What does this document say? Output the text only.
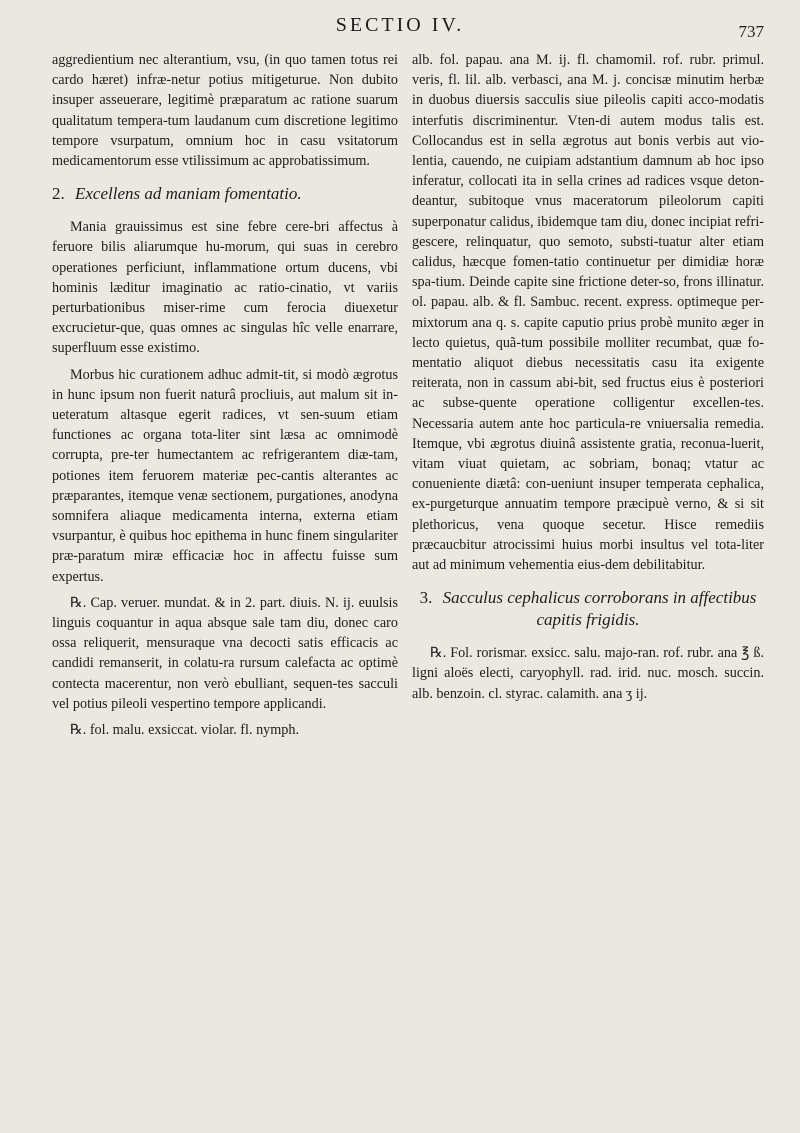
SECTIO IV.	737

aggredientium nec alterantium, vsu, (in quo tamen totus rei cardo hæret) infræ-netur potius mitigeturue. Non dubito insuper asseuerare, legitimè præparatum ac ratione suarum qualitatum tempera-tum laudanum cum discretione legitimo tempore vsurpatum, omnium hoc in casu vsitatorum medicamentorum esse vtilissimum ac approbatissimum.

2. Excellens ad maniam fomentatio.

Mania grauissimus est sine febre cere-bri affectus à feruore bilis aliarumque hu-morum, qui suas in cerebro operationes perficiunt, inflammatione ortum ducens, vbi hominis læditur imaginatio ac ratio-cinatio, vt variis perturbationibus miser-rime cum ferocia diuexetur excrucietur-que, quas omnes ac singulas hîc velle enarrare, superfluum esse existimo.

Morbus hic curationem adhuc admit-tit, si modò ægrotus in hunc ipsum non fuerit naturâ procliuis, aut malum sit in-ueteratum altasque egerit radices, vt sen-suum etiam functiones ac organa tota-liter sint læsa ac omnimodè corrupta, pre-ter humectantem ac refrigerantem diæ-tam, potiones item feruorem materiæ pec-cantis alterantes ac præparantes, itemque venæ sectionem, purgationes, anodyna somnifera aliaque medicamenta interna, externa etiam vsurpantur, è quibus hoc epithema in hunc finem singulariter præ-paratum miræ efficaciæ hoc in affectu fuisse sum expertus.

℞. Cap. veruer. mundat. & in 2. part. diuis. N. ij. euulsis linguis coquantur in aqua absque sale tam diu, donec caro ossa reliquerit, mensuraque vna decocti satis efficacis ac candidi remanserit, in colatu-ra rursum calefacta ac optimè contecta macerentur, non verò ebulliant, sequen-tes sacculi vel potius pileoli vespertino tempore applicandi.

℞. fol. malu. exsiccat. violar. fl. nymph.

alb. fol. papau. ana M. ij. fl. chamomil. rof. rubr. primul. veris, fl. lil. alb. verbasci, ana M. j. concisæ minutim herbæ in duobus diuersis sacculis siue pileolis capiti acco-modatis interfutis discriminentur. Vten-di autem modus talis est. Collocandus est in sella ægrotus aut bonis verbis aut vio-lentia, cauendo, ne cuipiam adstantium damnum ab hoc ipso inferatur, collocati ita in sella crines ad radices vsque deton-deantur, subitoque vnus maceratorum pileolorum capiti superponatur calidus, ibidemque tam diu, donec incipiat refri-gescere, relinquatur, quo semoto, substi-tuatur alter etiam calidus, hæcque fomen-tatio continuetur per dimidiæ horæ spa-tium. Deinde capite sine frictione deter-so, frons illinatur. ol. papau. alb. & fl. Sambuc. recent. express. optimeque per-mixtorum ana q. s. capite caputio prius probè munito æger in lecto quietus, quã-tum possibile molliter recumbat, quæ fo-mentatio aliquot diebus necessitatis casu ita exigente reiterata, non in cassum abi-bit, sed fructus eius è posteriori ac subse-quente operatione colligentur excellen-tes. Necessaria autem ante hoc particula-re vniuersalia remedia. Itemque, vbi ægrotus diuinâ assistente gratia, reconua-luerit, vitam viuat quietam, ac sobriam, bonaq; vtatur ac conueniente diætâ: con-ueniunt insuper temperata cephalica, ex-purgeturque annuatim tempore præcipuè verno, & si sit plethoricus, vena quoque secetur. Hisce remediis præcaucbitur atrocissimi huius morbi insultus vel tota-liter aut ad minimum vehementia eius-dem debilitabitur.

3. Sacculus cephalicus corroborans in affectibus capitis frigidis.

℞. Fol. rorismar. exsicc. salu. majo-ran. rof. rubr. ana ℥ ß. ligni aloës electi, caryophyll. rad. irid. nuc. mosch. succin. alb. benzoin. cl. styrac. calamith. ana ʒ ij.
